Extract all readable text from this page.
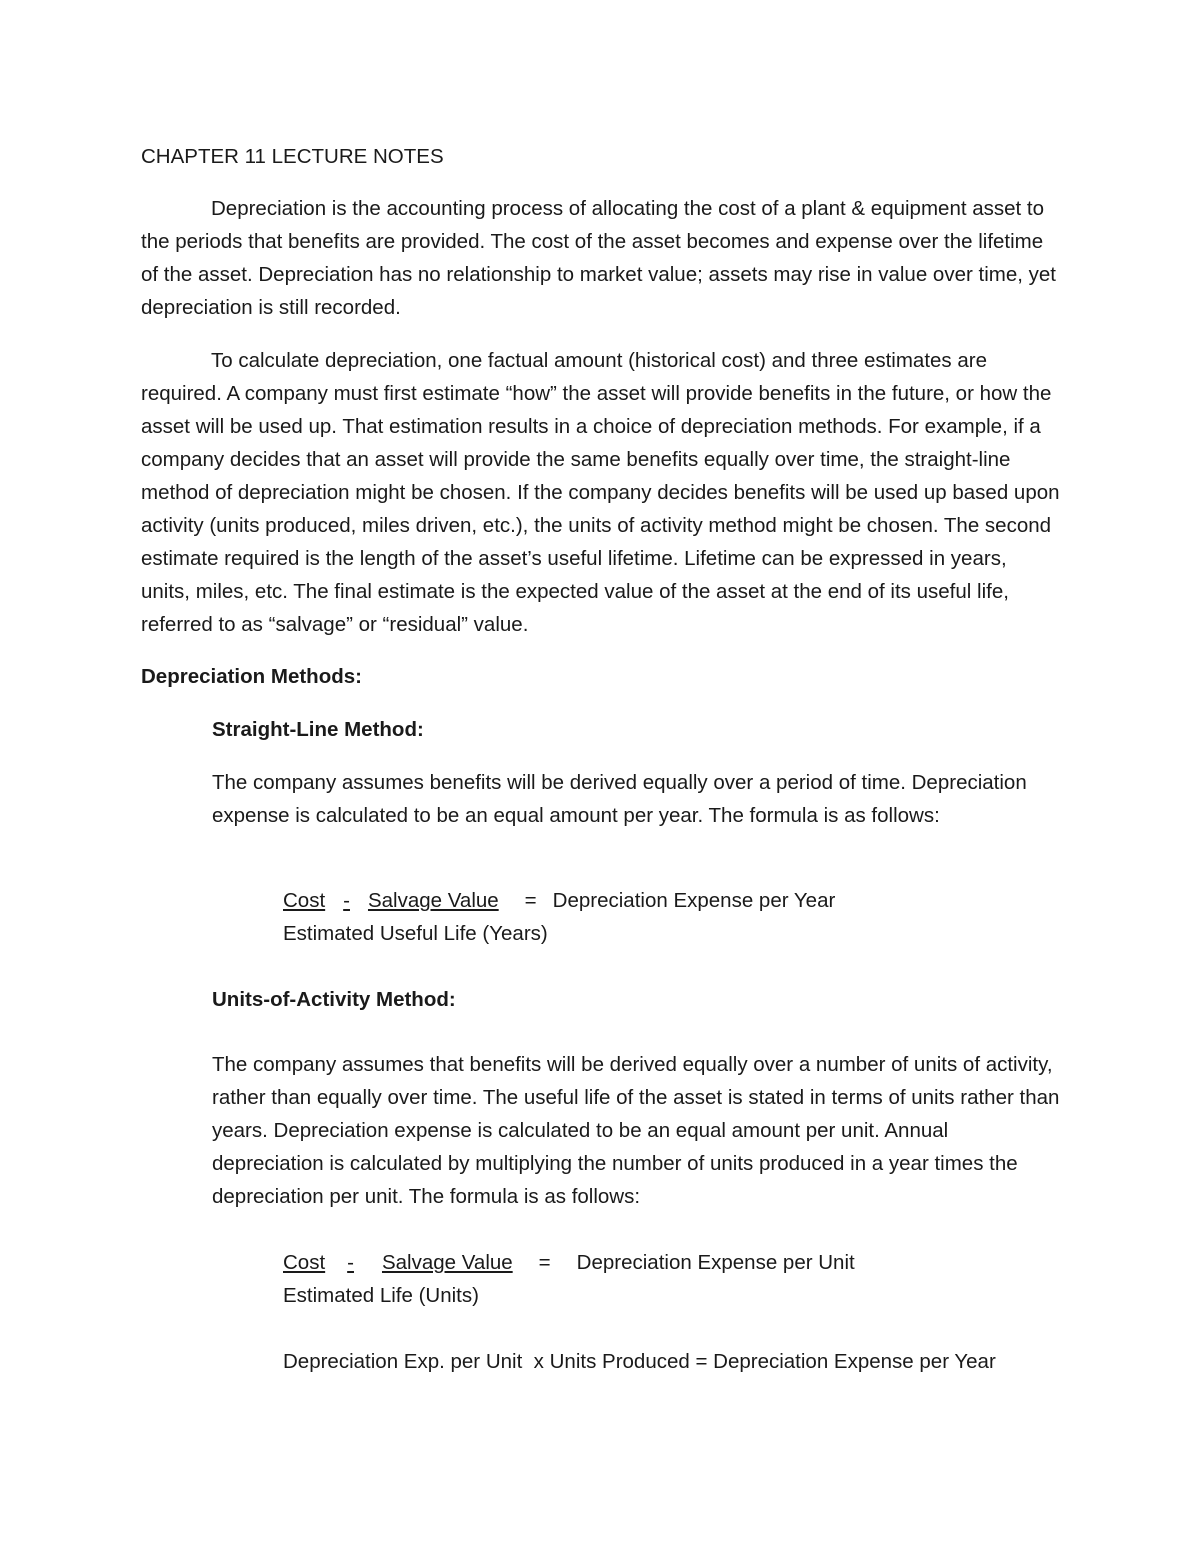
CHAPTER 11 LECTURE NOTES

Depreciation is the accounting process of allocating the cost of a plant & equipment asset to the periods that benefits are provided. The cost of the asset becomes and expense over the lifetime of the asset. Depreciation has no relationship to market value; assets may rise in value over time, yet depreciation is still recorded.

To calculate depreciation, one factual amount (historical cost) and three estimates are required. A company must first estimate “how” the asset will provide benefits in the future, or how the asset will be used up. That estimation results in a choice of depreciation methods. For example, if a company decides that an asset will provide the same benefits equally over time, the straight-line method of depreciation might be chosen. If the company decides benefits will be used up based upon activity (units produced, miles driven, etc.), the units of activity method might be chosen. The second estimate required is the length of the asset’s useful lifetime. Lifetime can be expressed in years, units, miles, etc. The final estimate is the expected value of the asset at the end of its useful life, referred to as “salvage” or “residual” value.

Depreciation Methods:

Straight-Line Method:

The company assumes benefits will be derived equally over a period of time. Depreciation expense is calculated to be an equal amount per year. The formula is as follows:

Cost - Salvage Value = Depreciation Expense per Year

Estimated Useful Life (Years)

Units-of-Activity Method:

The company assumes that benefits will be derived equally over a number of units of activity, rather than equally over time. The useful life of the asset is stated in terms of units rather than years. Depreciation expense is calculated to be an equal amount per unit. Annual depreciation is calculated by multiplying the number of units produced in a year times the depreciation per unit. The formula is as follows:

Cost - Salvage Value = Depreciation Expense per Unit

Estimated Life (Units)

Depreciation Exp. per Unit  x Units Produced = Depreciation Expense per Year
